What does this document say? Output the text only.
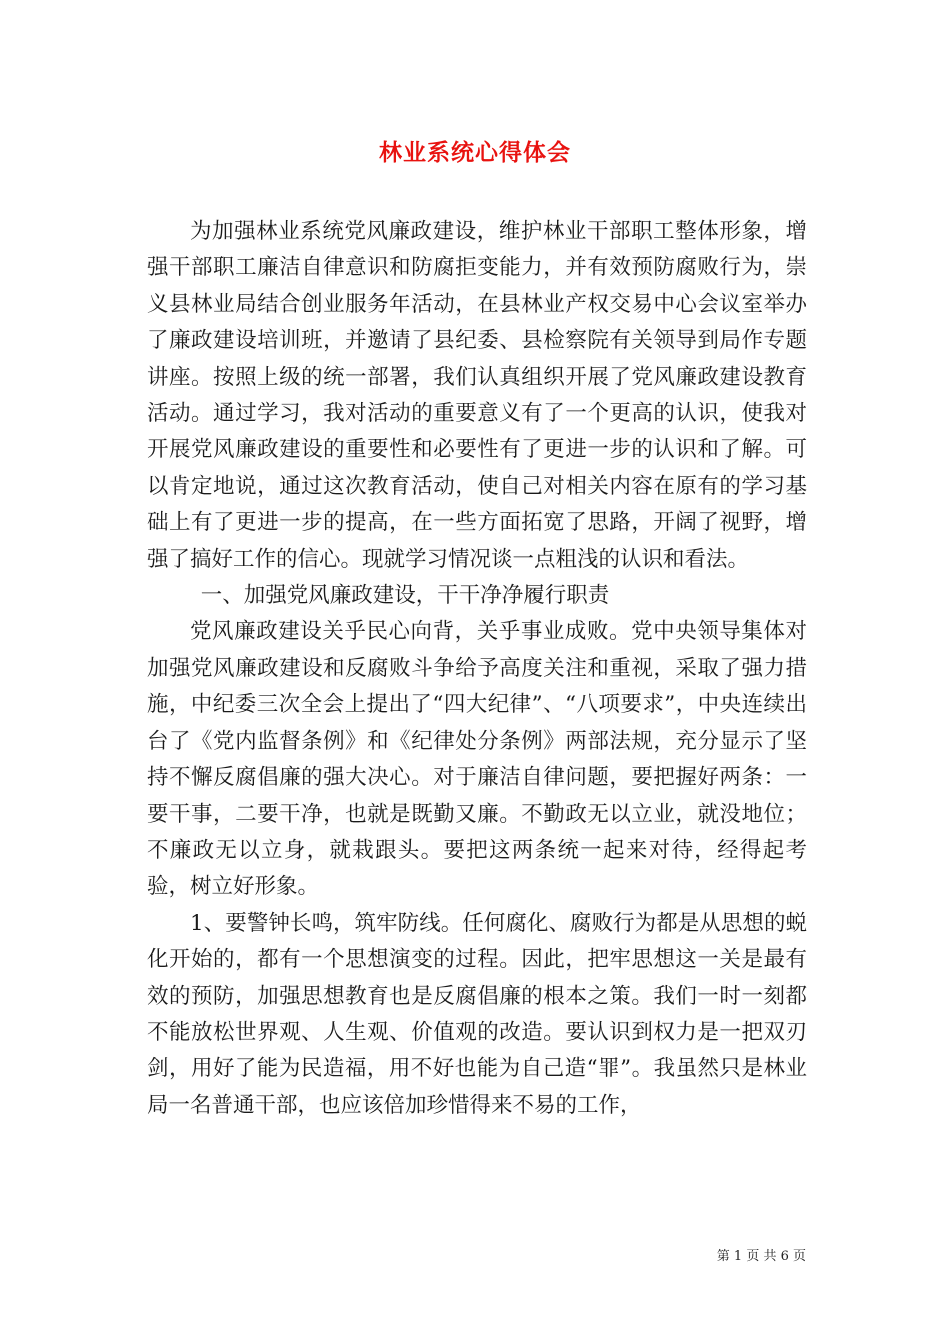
林业系统心得体会

为加强林业系统党风廉政建设，维护林业干部职工整体形象，增强干部职工廉洁自律意识和防腐拒变能力，并有效预防腐败行为，崇义县林业局结合创业服务年活动，在县林业产权交易中心会议室举办了廉政建设培训班，并邀请了县纪委、县检察院有关领导到局作专题讲座。按照上级的统一部署，我们认真组织开展了党风廉政建设教育活动。通过学习，我对活动的重要意义有了一个更高的认识，使我对开展党风廉政建设的重要性和必要性有了更进一步的认识和了解。可以肯定地说，通过这次教育活动，使自己对相关内容在原有的学习基础上有了更进一步的提高，在一些方面拓宽了思路，开阔了视野，增强了搞好工作的信心。现就学习情况谈一点粗浅的认识和看法。

一、加强党风廉政建设，干干净净履行职责

党风廉政建设关乎民心向背，关乎事业成败。党中央领导集体对加强党风廉政建设和反腐败斗争给予高度关注和重视，采取了强力措施，中纪委三次全会上提出了“四大纪律”、“八项要求”，中央连续出台了《党内监督条例》和《纪律处分条例》两部法规，充分显示了坚持不懈反腐倡廉的强大决心。对于廉洁自律问题，要把握好两条：一要干事，二要干净，也就是既勤又廉。不勤政无以立业，就没地位；不廉政无以立身，就栽跟头。要把这两条统一起来对待，经得起考验，树立好形象。

1、要警钟长鸣，筑牢防线。任何腐化、腐败行为都是从思想的蜕化开始的，都有一个思想演变的过程。因此，把牢思想这一关是最有效的预防，加强思想教育也是反腐倡廉的根本之策。我们一时一刻都不能放松世界观、人生观、价值观的改造。要认识到权力是一把双刃剑，用好了能为民造福，用不好也能为自己造“罪”。我虽然只是林业局一名普通干部，也应该倍加珍惜得来不易的工作，

第 1 页 共 6 页
